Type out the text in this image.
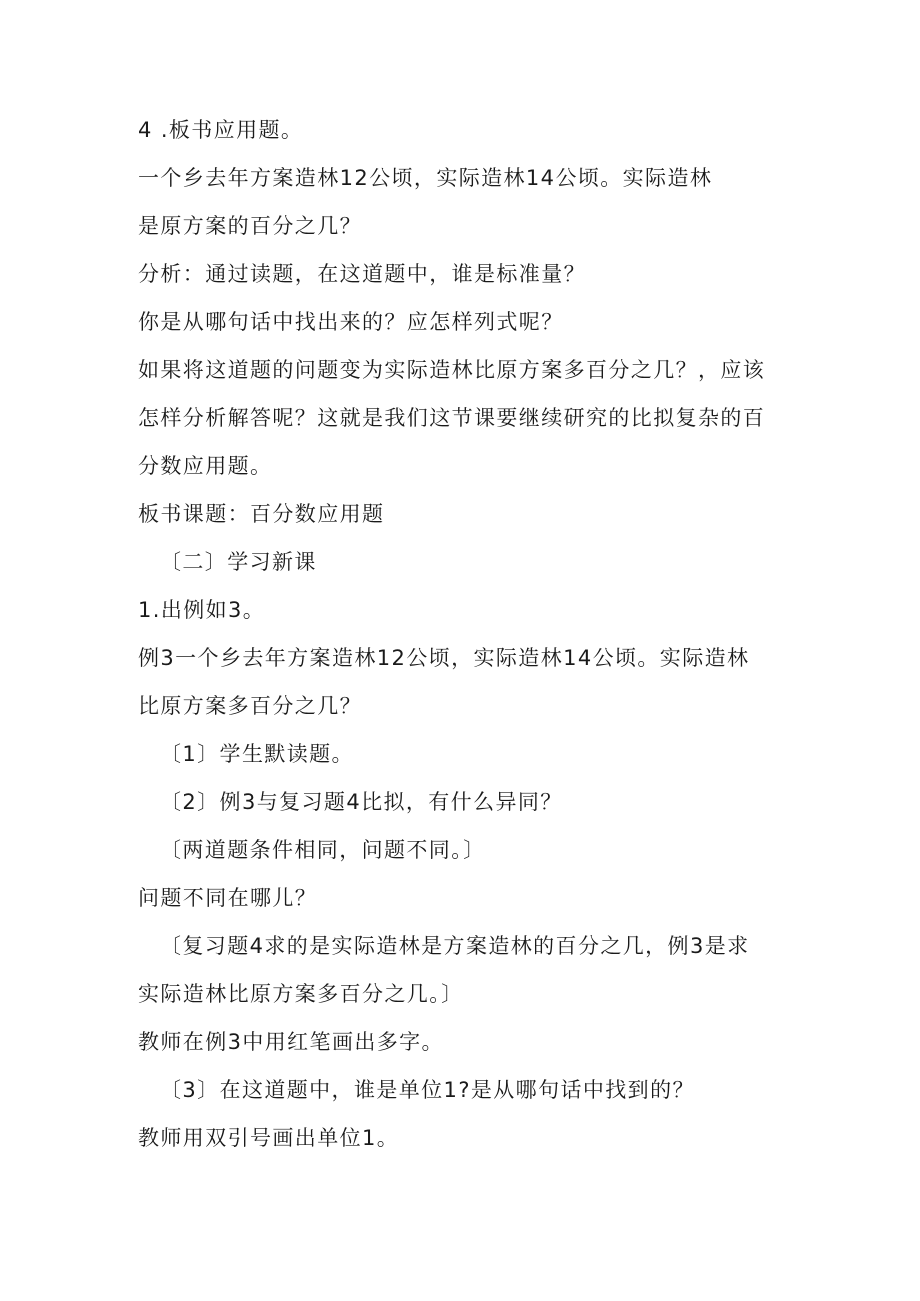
4 .板书应用题。
一个乡去年方案造林12公顷，实际造林14公顷。实际造林
是原方案的百分之几？
分析：通过读题，在这道题中，谁是标准量？
你是从哪句话中找出来的？应怎样列式呢？
如果将这道题的问题变为实际造林比原方案多百分之几？，应该
怎样分析解答呢？这就是我们这节课要继续研究的比拟复杂的百
分数应用题。
板书课题：百分数应用题
〔二〕学习新课
1.出例如3。
例3一个乡去年方案造林12公顷，实际造林14公顷。实际造林
比原方案多百分之几？
〔1〕学生默读题。
〔2〕例3与复习题4比拟，有什么异同？
〔两道题条件相同，问题不同。〕
问题不同在哪儿？
〔复习题4求的是实际造林是方案造林的百分之几，例3是求
实际造林比原方案多百分之几。〕
教师在例3中用红笔画出多字。
〔3〕在这道题中，谁是单位1?是从哪句话中找到的？
教师用双引号画出单位1。
